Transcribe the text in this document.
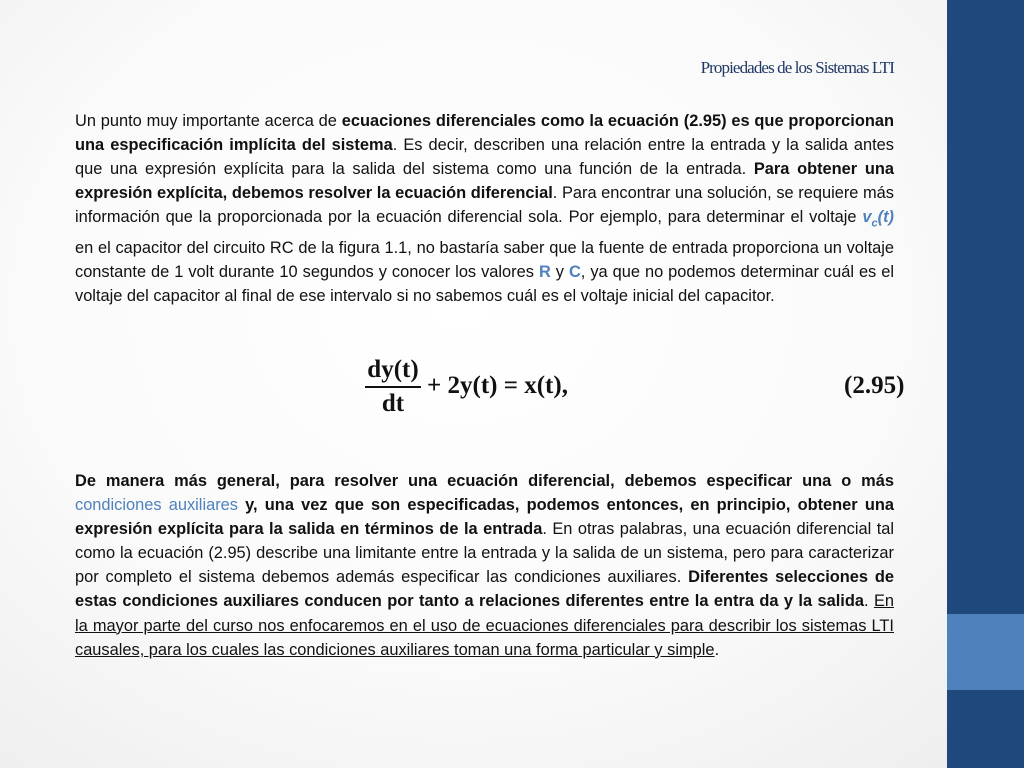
Propiedades de los Sistemas LTI

Un punto muy importante acerca de ecuaciones diferenciales como la ecuación (2.95) es que proporcionan una especificación implícita del sistema. Es decir, describen una relación entre la entrada y la salida antes que una expresión explícita para la salida del sistema como una función de la entrada. Para obtener una expresión explícita, debemos resolver la ecuación diferencial. Para encontrar una solución, se requiere más información que la proporcionada por la ecuación diferencial sola. Por ejemplo, para determinar el voltaje $v_c(t)$ en el capacitor del circuito RC de la figura 1.1, no bastaría saber que la fuente de entrada proporciona un voltaje constante de 1 volt durante 10 segundos y conocer los valores R y C, ya que no podemos determinar cuál es el voltaje del capacitor al final de ese intervalo si no sabemos cuál es el voltaje inicial del capacitor.

dy(t)
dt
+ 2y(t) = x(t),	(2.95)

De manera más general, para resolver una ecuación diferencial, debemos especificar una o más condiciones auxiliares y, una vez que son especificadas, podemos entonces, en principio, obtener una expresión explícita para la salida en términos de la entrada. En otras palabras, una ecuación diferencial tal como la ecuación (2.95) describe una limitante entre la entrada y la salida de un sistema, pero para caracterizar por completo el sistema debemos además especificar las condiciones auxiliares. Diferentes selecciones de estas condiciones auxiliares conducen por tanto a relaciones diferentes entre la entra da y la salida. En la mayor parte del curso nos enfocaremos en el uso de ecuaciones diferenciales para describir los sistemas LTI causales, para los cuales las condiciones auxiliares toman una forma particular y simple.
